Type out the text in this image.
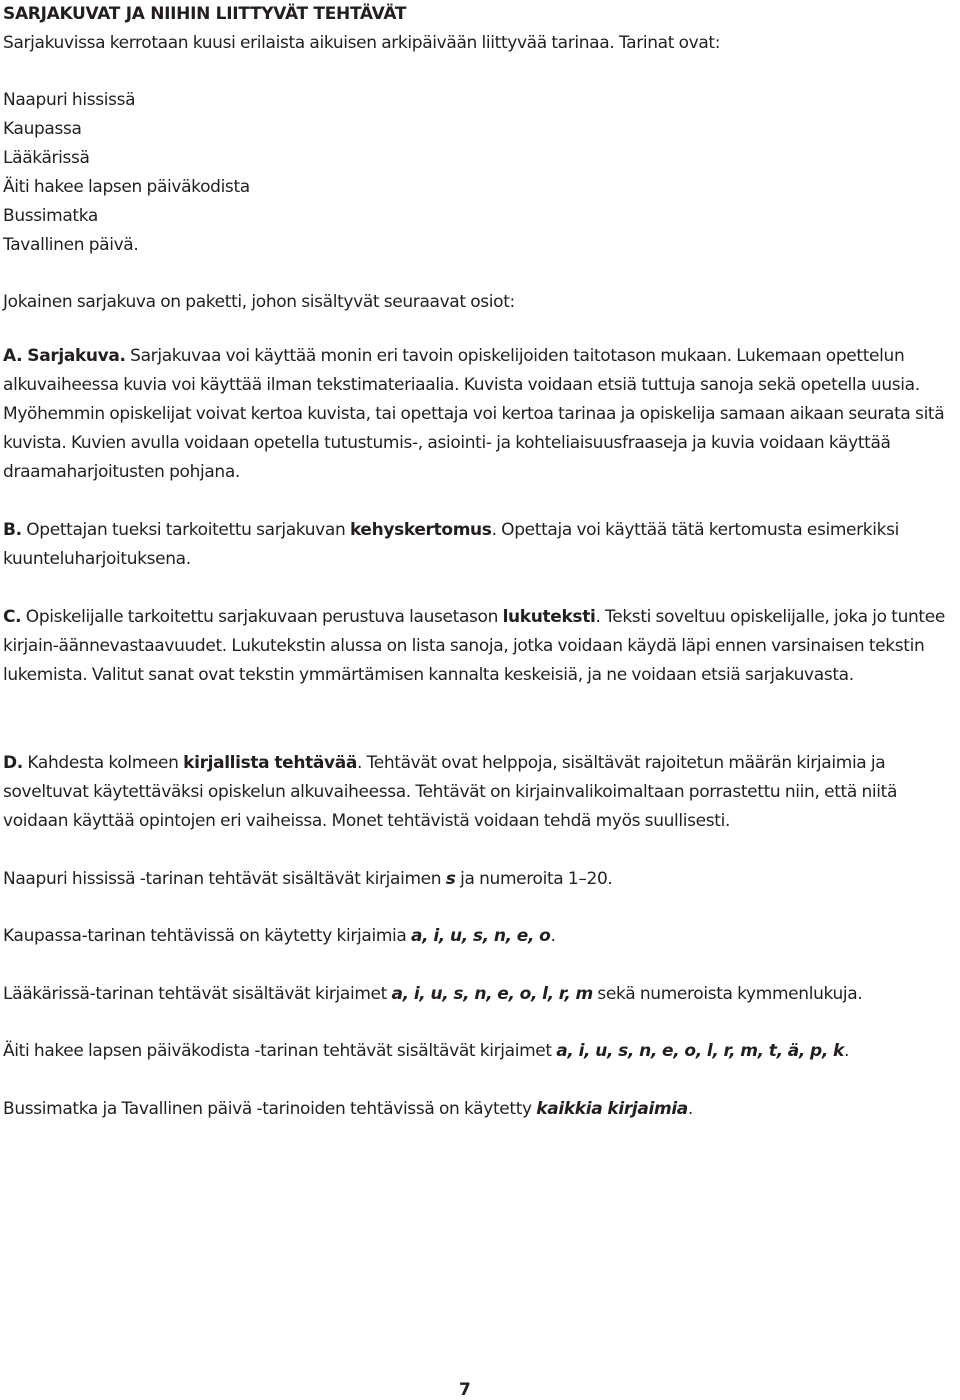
SARJAKUVAT JA NIIHIN LIITTYVÄT TEHTÄVÄT
Sarjakuvissa kerrotaan kuusi erilaista aikuisen arkipäivään liittyvää tarinaa. Tarinat ovat:
Naapuri hississä
Kaupassa
Lääkärissä
Äiti hakee lapsen päiväkodista
Bussimatka
Tavallinen päivä.
Jokainen sarjakuva on paketti, johon sisältyvät seuraavat osiot:

A. Sarjakuva. Sarjakuvaa voi käyttää monin eri tavoin opiskelijoiden taitotason mukaan. Lukemaan opettelun alkuvaiheessa kuvia voi käyttää ilman tekstimateriaalia. Kuvista voidaan etsiä tuttuja sanoja sekä opetella uusia. Myöhemmin opiskelijat voivat kertoa kuvista, tai opettaja voi kertoa tarinaa ja opiskelija samaan aikaan seurata sitä kuvista. Kuvien avulla voidaan opetella tutustumis-, asiointi- ja kohteliaisuusfraaseja ja kuvia voidaan käyttää draamaharjoitusten pohjana.

B. Opettajan tueksi tarkoitettu sarjakuvan kehyskertomus. Opettaja voi käyttää tätä kertomusta esimerkiksi kuunteluharjoituksena.

C. Opiskelijalle tarkoitettu sarjakuvaan perustuva lausetason lukuteksti. Teksti soveltuu opiskelijalle, joka jo tuntee kirjain-äännevastaavuudet. Lukutekstin alussa on lista sanoja, jotka voidaan käydä läpi ennen varsinaisen tekstin lukemista. Valitut sanat ovat tekstin ymmärtämisen kannalta keskeisiä, ja ne voidaan etsiä sarjakuvasta.

D. Kahdesta kolmeen kirjallista tehtävää. Tehtävät ovat helppoja, sisältävät rajoitetun määrän kirjaimia ja soveltuvat käytettäväksi opiskelun alkuvaiheessa. Tehtävät on kirjainvalikoimaltaan porrastettu niin, että niitä voidaan käyttää opintojen eri vaiheissa. Monet tehtävistä voidaan tehdä myös suullisesti.

Naapuri hississä -tarinan tehtävät sisältävät kirjaimen s ja numeroita 1–20.
Kaupassa-tarinan tehtävissä on käytetty kirjaimia a, i, u, s, n, e, o.
Lääkärissä-tarinan tehtävät sisältävät kirjaimet a, i, u, s, n, e, o, l, r, m sekä numeroista kymmenlukuja.
Äiti hakee lapsen päiväkodista -tarinan tehtävät sisältävät kirjaimet a, i, u, s, n, e, o, l, r, m, t, ä, p, k.
Bussimatka ja Tavallinen päivä -tarinoiden tehtävissä on käytetty kaikkia kirjaimia.
7
